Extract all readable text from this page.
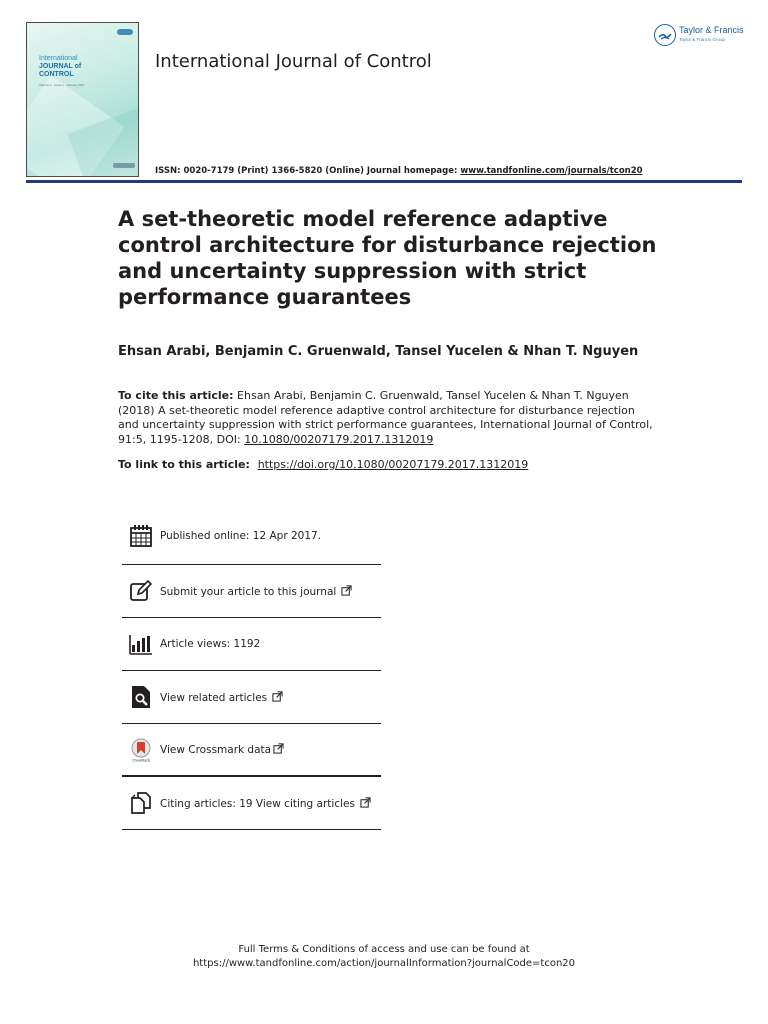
International
JOURNAL of
CONTROL
Volume 1 · Issue 1 · January 2017
International Journal of Control
Taylor & Francis
Taylor & Francis Group
ISSN: 0020-7179 (Print) 1366-5820 (Online) Journal homepage: www.tandfonline.com/journals/tcon20
A set-theoretic model reference adaptive control architecture for disturbance rejection and uncertainty suppression with strict performance guarantees
Ehsan Arabi, Benjamin C. Gruenwald, Tansel Yucelen & Nhan T. Nguyen
To cite this article: Ehsan Arabi, Benjamin C. Gruenwald, Tansel Yucelen & Nhan T. Nguyen (2018) A set-theoretic model reference adaptive control architecture for disturbance rejection and uncertainty suppression with strict performance guarantees, International Journal of Control, 91:5, 1195-1208, DOI: 10.1080/00207179.2017.1312019
To link to this article: https://doi.org/10.1080/00207179.2017.1312019
Published online: 12 Apr 2017.
Submit your article to this journal
Article views: 1192
View related articles
CrossMark
View Crossmark data
Citing articles: 19 View citing articles
Full Terms & Conditions of access and use can be found at
https://www.tandfonline.com/action/journalInformation?journalCode=tcon20
